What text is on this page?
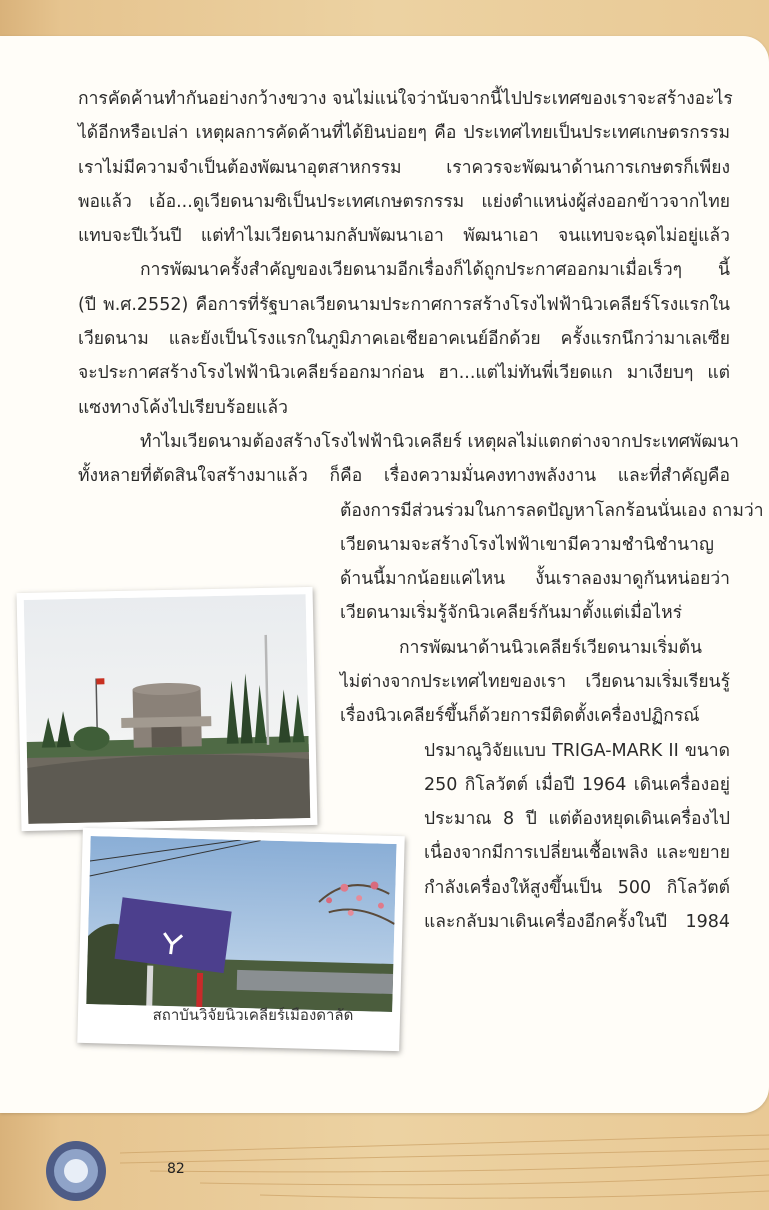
การคัดค้านทำกันอย่างกว้างขวาง จนไม่แน่ใจว่านับจากนี้ไปประเทศของเราจะสร้างอะไร
ได้อีกหรือเปล่า เหตุผลการคัดค้านที่ได้ยินบ่อยๆ คือ ประเทศไทยเป็นประเทศเกษตรกรรม
เราไม่มีความจำเป็นต้องพัฒนาอุตสาหกรรม เราควรจะพัฒนาด้านการเกษตรก็เพียง
พอแล้ว เอ้อ...ดูเวียดนามซิเป็นประเทศเกษตรกรรม แย่งตำแหน่งผู้ส่งออกข้าวจากไทย
แทบจะปีเว้นปี แต่ทำไมเวียดนามกลับพัฒนาเอา พัฒนาเอา จนแทบจะฉุดไม่อยู่แล้ว
การพัฒนาครั้งสำคัญของเวียดนามอีกเรื่องก็ได้ถูกประกาศออกมาเมื่อเร็วๆ นี้
(ปี พ.ศ.2552) คือการที่รัฐบาลเวียดนามประกาศการสร้างโรงไฟฟ้านิวเคลียร์โรงแรกใน
เวียดนาม และยังเป็นโรงแรกในภูมิภาคเอเชียอาคเนย์อีกด้วย ครั้งแรกนึกว่ามาเลเซีย
จะประกาศสร้างโรงไฟฟ้านิวเคลียร์ออกมาก่อน ฮา...แต่ไม่ทันพี่เวียดแก มาเงียบๆ แต่
แซงทางโค้งไปเรียบร้อยแล้ว
ทำไมเวียดนามต้องสร้างโรงไฟฟ้านิวเคลียร์ เหตุผลไม่แตกต่างจากประเทศพัฒนา
ทั้งหลายที่ตัดสินใจสร้างมาแล้ว ก็คือ เรื่องความมั่นคงทางพลังงาน และที่สำคัญคือ
ต้องการมีส่วนร่วมในการลดปัญหาโลกร้อนนั่นเอง ถามว่า
เวียดนามจะสร้างโรงไฟฟ้าเขามีความชำนิชำนาญ
ด้านนี้มากน้อยแค่ไหน งั้นเราลองมาดูกันหน่อยว่า
เวียดนามเริ่มรู้จักนิวเคลียร์กันมาตั้งแต่เมื่อไหร่
การพัฒนาด้านนิวเคลียร์เวียดนามเริ่มต้น
ไม่ต่างจากประเทศไทยของเรา เวียดนามเริ่มเรียนรู้
เรื่องนิวเคลียร์ขึ้นก็ด้วยการมีติดตั้งเครื่องปฏิกรณ์
ปรมาณูวิจัยแบบ TRIGA-MARK II ขนาด
250 กิโลวัตต์ เมื่อปี 1964 เดินเครื่องอยู่
ประมาณ 8 ปี แต่ต้องหยุดเดินเครื่องไป
เนื่องจากมีการเปลี่ยนเชื้อเพลิง และขยาย
กำลังเครื่องให้สูงขึ้นเป็น 500 กิโลวัตต์
และกลับมาเดินเครื่องอีกครั้งในปี 1984
สถาบันวิจัยนิวเคลียร์เมืองดาลัด
82
